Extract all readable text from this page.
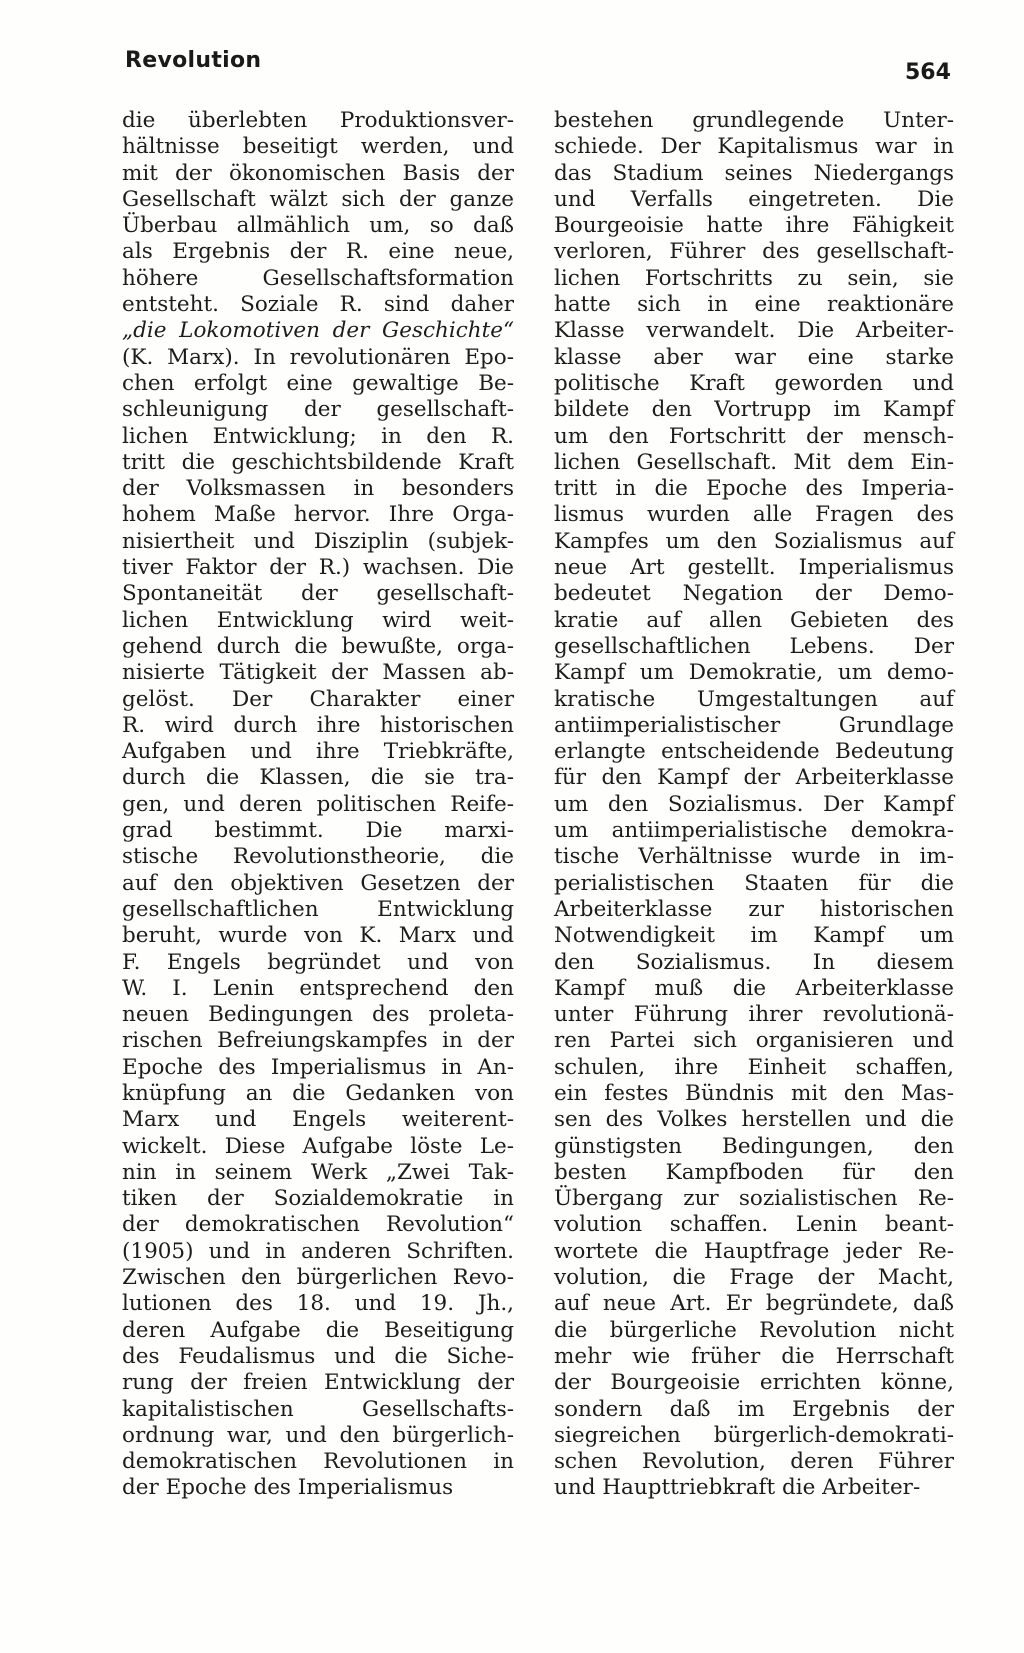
Revolution	564
die überlebten Produktionsver-
hältnisse beseitigt werden, und
mit der ökonomischen Basis der
Gesellschaft wälzt sich der ganze
Überbau allmählich um, so daß
als Ergebnis der R. eine neue,
höhere Gesellschaftsformation
entsteht. Soziale R. sind daher
„die Lokomotiven der Geschichte“
(K. Marx). In revolutionären Epo-
chen erfolgt eine gewaltige Be-
schleunigung der gesellschaft-
lichen Entwicklung; in den R.
tritt die geschichtsbildende Kraft
der Volksmassen in besonders
hohem Maße hervor. Ihre Orga-
nisiertheit und Disziplin (subjek-
tiver Faktor der R.) wachsen. Die
Spontaneität der gesellschaft-
lichen Entwicklung wird weit-
gehend durch die bewußte, orga-
nisierte Tätigkeit der Massen ab-
gelöst. Der Charakter einer
R. wird durch ihre historischen
Aufgaben und ihre Triebkräfte,
durch die Klassen, die sie tra-
gen, und deren politischen Reife-
grad bestimmt. Die marxi-
stische Revolutionstheorie, die
auf den objektiven Gesetzen der
gesellschaftlichen Entwicklung
beruht, wurde von K. Marx und
F. Engels begründet und von
W. I. Lenin entsprechend den
neuen Bedingungen des proleta-
rischen Befreiungskampfes in der
Epoche des Imperialismus in An-
knüpfung an die Gedanken von
Marx und Engels weiterent-
wickelt. Diese Aufgabe löste Le-
nin in seinem Werk „Zwei Tak-
tiken der Sozialdemokratie in
der demokratischen Revolution“
(1905) und in anderen Schriften.
Zwischen den bürgerlichen Revo-
lutionen des 18. und 19. Jh.,
deren Aufgabe die Beseitigung
des Feudalismus und die Siche-
rung der freien Entwicklung der
kapitalistischen Gesellschafts-
ordnung war, und den bürgerlich-
demokratischen Revolutionen in
der Epoche des Imperialismus
bestehen grundlegende Unter-
schiede. Der Kapitalismus war in
das Stadium seines Niedergangs
und Verfalls eingetreten. Die
Bourgeoisie hatte ihre Fähigkeit
verloren, Führer des gesellschaft-
lichen Fortschritts zu sein, sie
hatte sich in eine reaktionäre
Klasse verwandelt. Die Arbeiter-
klasse aber war eine starke
politische Kraft geworden und
bildete den Vortrupp im Kampf
um den Fortschritt der mensch-
lichen Gesellschaft. Mit dem Ein-
tritt in die Epoche des Imperia-
lismus wurden alle Fragen des
Kampfes um den Sozialismus auf
neue Art gestellt. Imperialismus
bedeutet Negation der Demo-
kratie auf allen Gebieten des
gesellschaftlichen Lebens. Der
Kampf um Demokratie, um demo-
kratische Umgestaltungen auf
antiimperialistischer Grundlage
erlangte entscheidende Bedeutung
für den Kampf der Arbeiterklasse
um den Sozialismus. Der Kampf
um antiimperialistische demokra-
tische Verhältnisse wurde in im-
perialistischen Staaten für die
Arbeiterklasse zur historischen
Notwendigkeit im Kampf um
den Sozialismus. In diesem
Kampf muß die Arbeiterklasse
unter Führung ihrer revolutionä-
ren Partei sich organisieren und
schulen, ihre Einheit schaffen,
ein festes Bündnis mit den Mas-
sen des Volkes herstellen und die
günstigsten Bedingungen, den
besten Kampfboden für den
Übergang zur sozialistischen Re-
volution schaffen. Lenin beant-
wortete die Hauptfrage jeder Re-
volution, die Frage der Macht,
auf neue Art. Er begründete, daß
die bürgerliche Revolution nicht
mehr wie früher die Herrschaft
der Bourgeoisie errichten könne,
sondern daß im Ergebnis der
siegreichen bürgerlich-demokrati-
schen Revolution, deren Führer
und Haupttriebkraft die Arbeiter-
